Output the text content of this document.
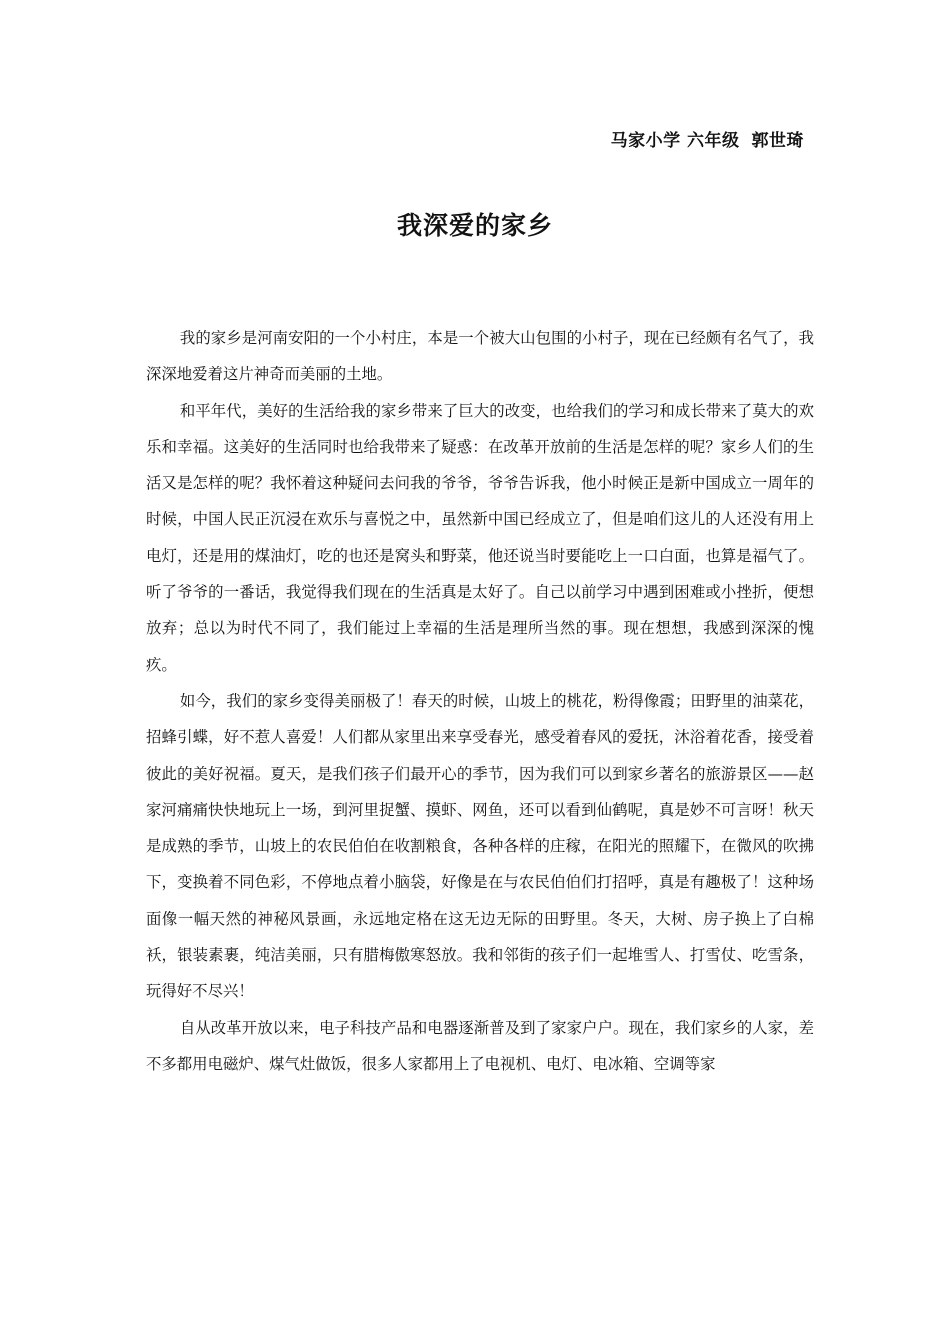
马家小学 六年级 郭世琦
我深爱的家乡

我的家乡是河南安阳的一个小村庄，本是一个被大山包围的小村子，现在已经颇有名气了，我深深地爱着这片神奇而美丽的土地。

和平年代，美好的生活给我的家乡带来了巨大的改变，也给我们的学习和成长带来了莫大的欢乐和幸福。这美好的生活同时也给我带来了疑惑：在改革开放前的生活是怎样的呢？家乡人们的生活又是怎样的呢？我怀着这种疑问去问我的爷爷，爷爷告诉我，他小时候正是新中国成立一周年的时候，中国人民正沉浸在欢乐与喜悦之中，虽然新中国已经成立了，但是咱们这儿的人还没有用上电灯，还是用的煤油灯，吃的也还是窝头和野菜，他还说当时要能吃上一口白面，也算是福气了。听了爷爷的一番话，我觉得我们现在的生活真是太好了。自己以前学习中遇到困难或小挫折，便想放弃；总以为时代不同了，我们能过上幸福的生活是理所当然的事。现在想想，我感到深深的愧疚。

如今，我们的家乡变得美丽极了！春天的时候，山坡上的桃花，粉得像霞；田野里的油菜花，招蜂引蝶，好不惹人喜爱！人们都从家里出来享受春光，感受着春风的爱抚，沐浴着花香，接受着彼此的美好祝福。夏天，是我们孩子们最开心的季节，因为我们可以到家乡著名的旅游景区——赵家河痛痛快快地玩上一场，到河里捉蟹、摸虾、网鱼，还可以看到仙鹤呢，真是妙不可言呀！秋天是成熟的季节，山坡上的农民伯伯在收割粮食，各种各样的庄稼，在阳光的照耀下，在微风的吹拂下，变换着不同色彩，不停地点着小脑袋，好像是在与农民伯伯们打招呼，真是有趣极了！这种场面像一幅天然的神秘风景画，永远地定格在这无边无际的田野里。冬天，大树、房子换上了白棉袄，银装素裹，纯洁美丽，只有腊梅傲寒怒放。我和邻街的孩子们一起堆雪人、打雪仗、吃雪条，玩得好不尽兴！

自从改革开放以来，电子科技产品和电器逐渐普及到了家家户户。现在，我们家乡的人家，差不多都用电磁炉、煤气灶做饭，很多人家都用上了电视机、电灯、电冰箱、空调等家
